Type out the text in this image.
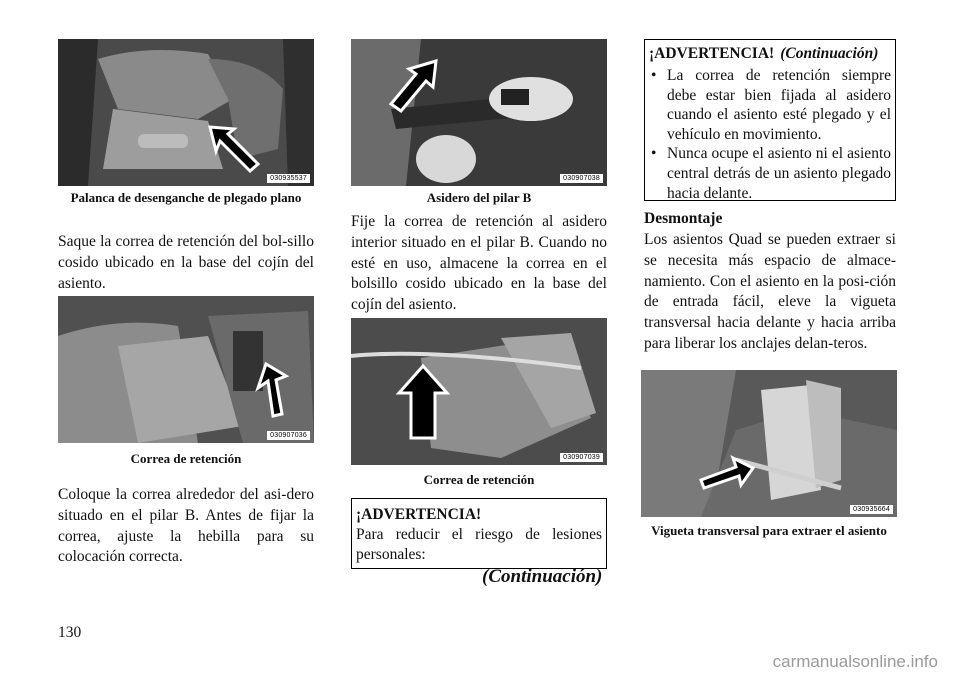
030935537
Palanca de desenganche de plegado plano
Saque la correa de retención del bol-sillo cosido ubicado en la base del cojín del asiento.
030907036
Correa de retención
Coloque la correa alrededor del asi-dero situado en el pilar B. Antes de fijar la correa, ajuste la hebilla para su colocación correcta.
030907038
Asidero del pilar B
Fije la correa de retención al asidero interior situado en el pilar B. Cuando no esté en uso, almacene la correa en el bolsillo cosido ubicado en la base del cojín del asiento.
030907039
Correa de retención
¡ADVERTENCIA!
Para reducir el riesgo de lesiones personales:
(Continuación)
¡ADVERTENCIA! (Continuación)
• La correa de retención siempre debe estar bien fijada al asidero cuando el asiento esté plegado y el vehículo en movimiento.
• Nunca ocupe el asiento ni el asiento central detrás de un asiento plegado hacia delante.
Desmontaje
Los asientos Quad se pueden extraer si se necesita más espacio de almace-namiento. Con el asiento en la posi-ción de entrada fácil, eleve la vigueta transversal hacia delante y hacia arriba para liberar los anclajes delan-teros.
030935664
Vigueta transversal para extraer el asiento
130
carmanualsonline.info
